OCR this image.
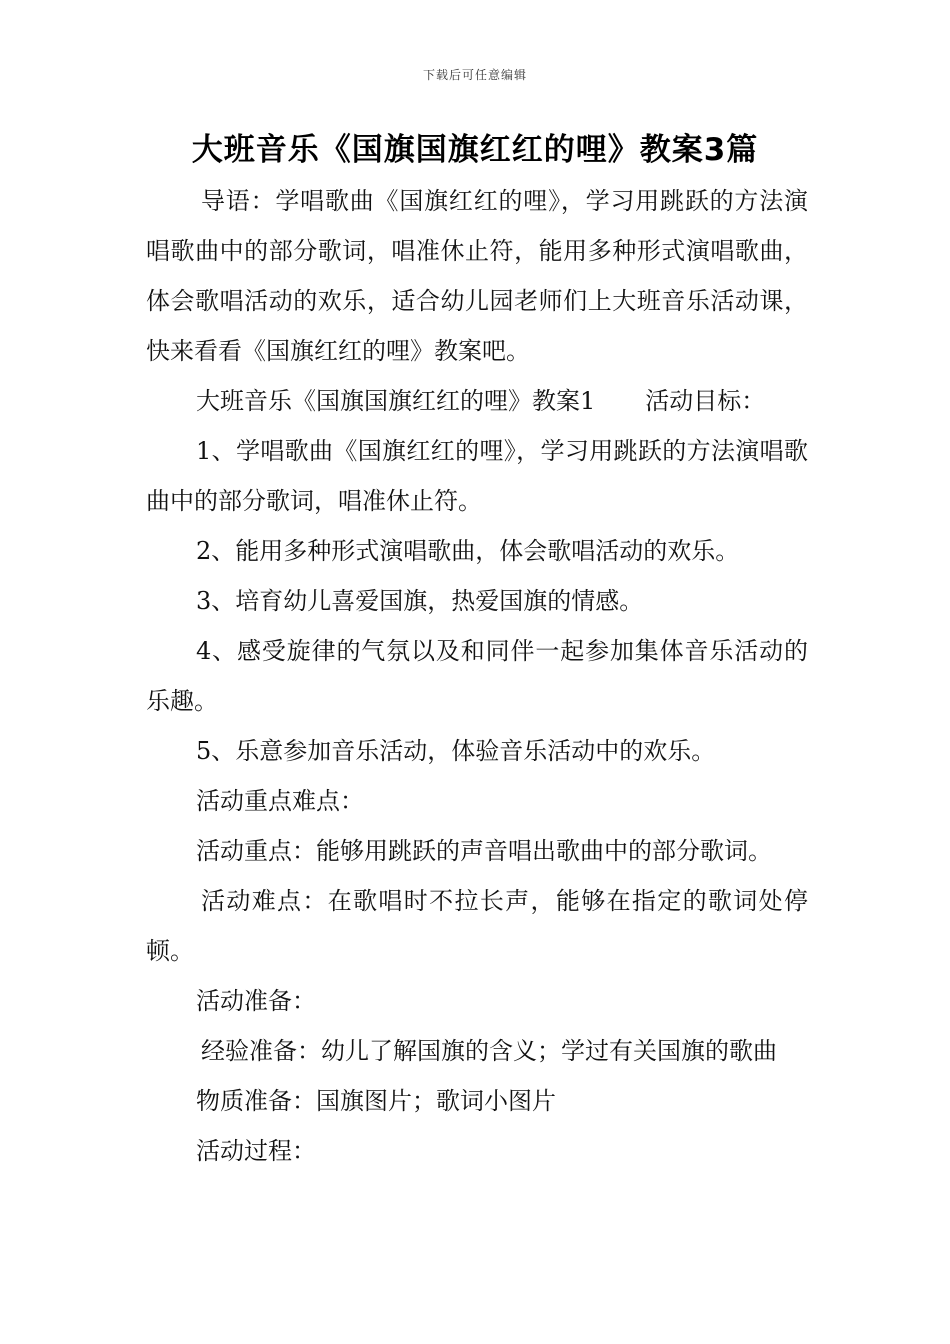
下载后可任意编辑
大班音乐《国旗国旗红红的哩》教案3篇

导语：学唱歌曲《国旗红红的哩》，学习用跳跃的方法演唱歌曲中的部分歌词，唱准休止符，能用多种形式演唱歌曲，体会歌唱活动的欢乐，适合幼儿园老师们上大班音乐活动课，快来看看《国旗红红的哩》教案吧。

大班音乐《国旗国旗红红的哩》教案1 活动目标：

1、学唱歌曲《国旗红红的哩》，学习用跳跃的方法演唱歌曲中的部分歌词，唱准休止符。

2、能用多种形式演唱歌曲，体会歌唱活动的欢乐。

3、培育幼儿喜爱国旗，热爱国旗的情感。

4、感受旋律的气氛以及和同伴一起参加集体音乐活动的乐趣。

5、乐意参加音乐活动，体验音乐活动中的欢乐。

活动重点难点：

活动重点：能够用跳跃的声音唱出歌曲中的部分歌词。

活动难点：在歌唱时不拉长声，能够在指定的歌词处停顿。

活动准备：

经验准备：幼儿了解国旗的含义；学过有关国旗的歌曲

物质准备：国旗图片；歌词小图片

活动过程：
